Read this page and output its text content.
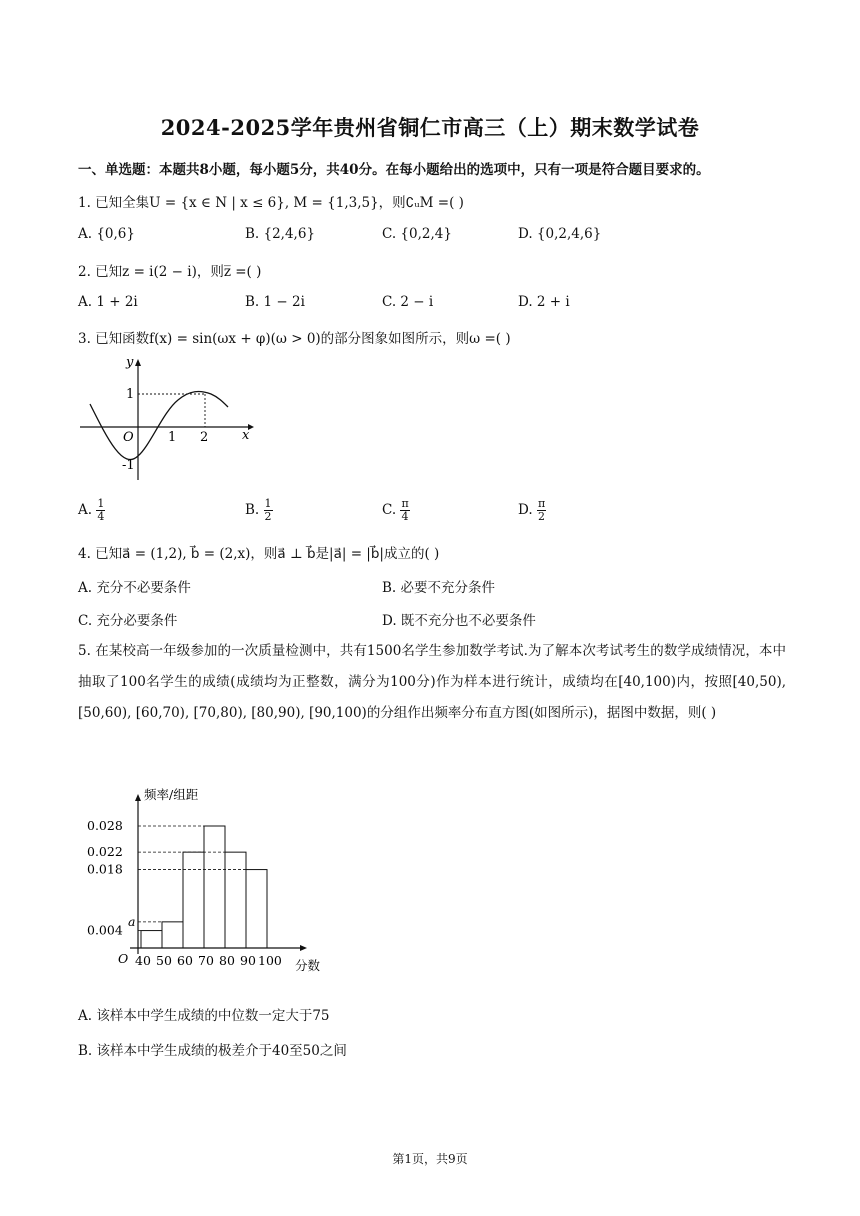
2024-2025学年贵州省铜仁市高三（上）期末数学试卷
一、单选题：本题共8小题，每小题5分，共40分。在每小题给出的选项中，只有一项是符合题目要求的。
1. 已知全集U = {x ∈ N | x ≤ 6}, M = {1,3,5}，则∁ᵤM =( )
A. {0,6}	B. {2,4,6}	C. {0,2,4}	D. {0,2,4,6}
2. 已知z = i(2 − i)，则z̅ =( )
A. 1 + 2i	B. 1 − 2i	C. 2 − i	D. 2 + i
3. 已知函数f(x) = sin(ωx + φ)(ω > 0)的部分图象如图所示，则ω =( )
y
x
O	1 2
1
-1
A. $\frac{1}{4}$	B. $\frac{1}{2}$	C. $\frac{\pi}{4}$	D. $\frac{\pi}{2}$
4. 已知a⃗ = (1,2), b⃗ = (2,x)，则a⃗ ⊥ b⃗是|a⃗| = |b⃗|成立的( )
A. 充分不必要条件	B. 必要不充分条件
C. 充分必要条件	D. 既不充分也不必要条件
5. 在某校高一年级参加的一次质量检测中，共有1500名学生参加数学考试.为了解本次考试考生的数学成绩情况，本中抽取了100名学生的成绩(成绩均为正整数，满分为100分)作为样本进行统计，成绩均在[40,100)内，按照[40,50), [50,60), [60,70), [70,80), [80,90), [90,100)的分组作出频率分布直方图(如图所示)，据图中数据，则( )
频率/组距
分数
O
0.028
0.022
0.018
a
0.004
40 50 60 70 80 90 100
A. 该样本中学生成绩的中位数一定大于75
B. 该样本中学生成绩的极差介于40至50之间
第1页，共9页
